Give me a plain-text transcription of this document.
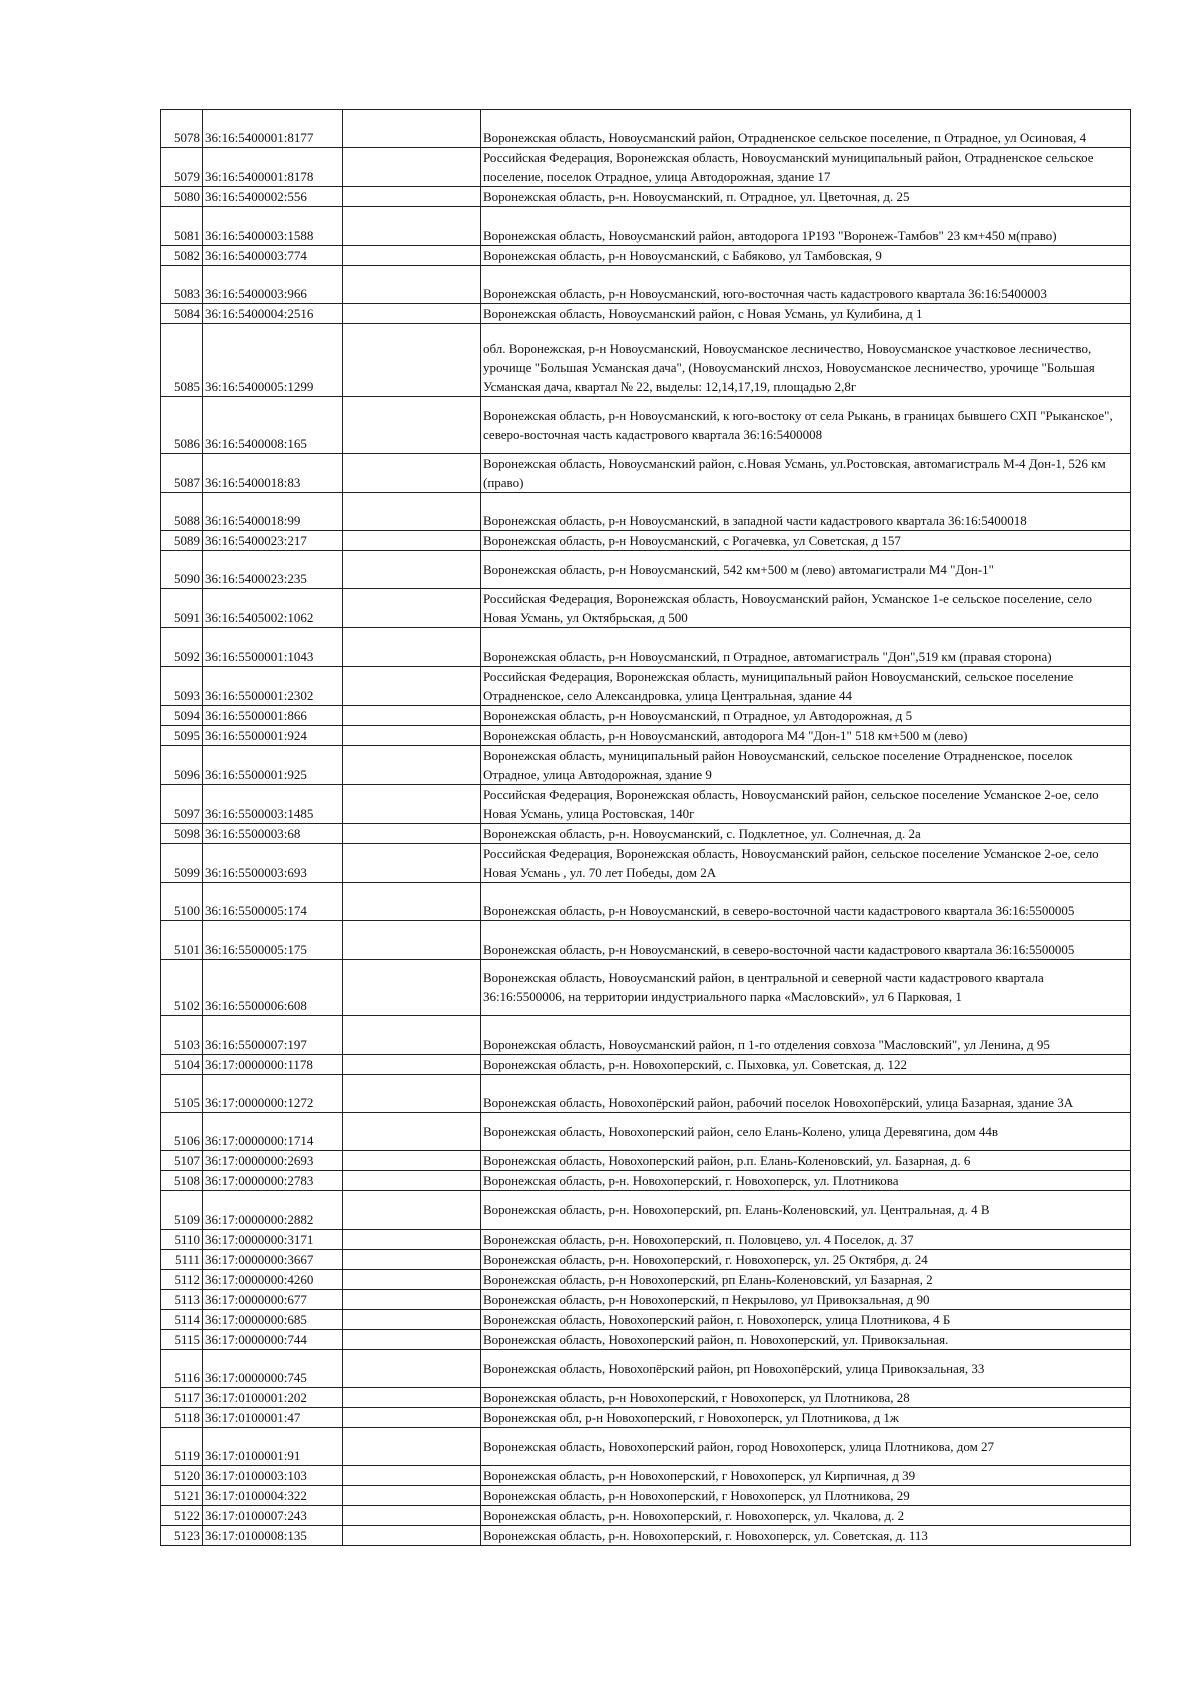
5078	36:16:5400001:8177		Воронежская область, Новоусманский район, Отрадненское сельское поселение, п Отрадное, ул Осиновая, 4
5079	36:16:5400001:8178		Российская Федерация, Воронежская область, Новоусманский муниципальный район, Отрадненское сельское поселение, поселок Отрадное, улица Автодорожная, здание 17
5080	36:16:5400002:556		Воронежская область, р-н. Новоусманский, п. Отрадное, ул. Цветочная, д. 25
5081	36:16:5400003:1588		Воронежская область, Новоусманский район, автодорога 1Р193 "Воронеж-Тамбов" 23 км+450 м(право)
5082	36:16:5400003:774		Воронежская область, р-н Новоусманский, с Бабяково, ул Тамбовская, 9
5083	36:16:5400003:966		Воронежская область, р-н Новоусманский, юго-восточная часть кадастрового квартала 36:16:5400003
5084	36:16:5400004:2516		Воронежская область, Новоусманский район, с Новая Усмань, ул Кулибина, д 1
5085	36:16:5400005:1299		обл. Воронежская, р-н Новоусманский, Новоусманское лесничество, Новоусманское участковое лесничество, урочище "Большая Усманская дача", (Новоусманский лнсхоз, Новоусманское лесничество, урочище "Большая Усманская дача, квартал № 22, выделы: 12,14,17,19, площадью 2,8г
5086	36:16:5400008:165		Воронежская область, р-н Новоусманский, к юго-востоку от села Рыкань, в границах бывшего СХП "Рыканское", северо-восточная часть кадастрового квартала 36:16:5400008
5087	36:16:5400018:83		Воронежская область, Новоусманский район, с.Новая Усмань, ул.Ростовская, автомагистраль М-4 Дон-1, 526 км (право)
5088	36:16:5400018:99		Воронежская область, р-н Новоусманский, в западной части кадастрового квартала 36:16:5400018
5089	36:16:5400023:217		Воронежская область, р-н Новоусманский, с Рогачевка, ул Советская, д 157
5090	36:16:5400023:235		Воронежская область, р-н Новоусманский, 542 км+500 м (лево) автомагистрали М4 "Дон-1"
5091	36:16:5405002:1062		Российская Федерация, Воронежская область, Новоусманский район, Усманское 1-е сельское поселение, село Новая Усмань, ул Октябрьская, д 500
5092	36:16:5500001:1043		Воронежская область, р-н Новоусманский, п Отрадное, автомагистраль "Дон",519 км (правая сторона)
5093	36:16:5500001:2302		Российская Федерация, Воронежская область, муниципальный район Новоусманский, сельское поселение Отрадненское, село Александровка, улица Центральная, здание 44
5094	36:16:5500001:866		Воронежская область, р-н Новоусманский, п Отрадное, ул Автодорожная, д 5
5095	36:16:5500001:924		Воронежская область, р-н Новоусманский, автодорога М4 "Дон-1" 518 км+500 м (лево)
5096	36:16:5500001:925		Воронежская область, муниципальный район Новоусманский, сельское поселение Отрадненское, поселок Отрадное, улица Автодорожная, здание 9
5097	36:16:5500003:1485		Российская Федерация, Воронежская область, Новоусманский район, сельское поселение Усманское 2-ое, село Новая Усмань, улица Ростовская, 140г
5098	36:16:5500003:68		Воронежская область, р-н. Новоусманский, с. Подклетное, ул. Солнечная, д. 2а
5099	36:16:5500003:693		Российская Федерация, Воронежская область, Новоусманский район, сельское поселение Усманское 2-ое, село Новая Усмань , ул. 70 лет Победы, дом 2А
5100	36:16:5500005:174		Воронежская область, р-н Новоусманский, в северо-восточной части кадастрового квартала 36:16:5500005
5101	36:16:5500005:175		Воронежская область, р-н Новоусманский, в северо-восточной части кадастрового квартала 36:16:5500005
5102	36:16:5500006:608		Воронежская область, Новоусманский район, в центральной и северной части кадастрового квартала 36:16:5500006, на территории индустриального парка «Масловский», ул 6 Парковая, 1
5103	36:16:5500007:197		Воронежская область, Новоусманский район, п 1-го отделения совхоза "Масловский", ул Ленина, д 95
5104	36:17:0000000:1178		Воронежская область, р-н. Новохоперский, с. Пыховка, ул. Советская, д. 122
5105	36:17:0000000:1272		Воронежская область, Новохопёрский район, рабочий поселок Новохопёрский, улица Базарная, здание 3А
5106	36:17:0000000:1714		Воронежская область, Новохоперский район, село Елань-Колено, улица Деревягина, дом 44в
5107	36:17:0000000:2693		Воронежская область, Новохоперский район, р.п. Елань-Коленовский, ул. Базарная, д. 6
5108	36:17:0000000:2783		Воронежская область, р-н. Новохоперский, г. Новохоперск, ул. Плотникова
5109	36:17:0000000:2882		Воронежская область, р-н. Новохоперский, рп. Елань-Коленовский, ул. Центральная, д. 4 В
5110	36:17:0000000:3171		Воронежская область, р-н. Новохоперский, п. Половцево, ул. 4 Поселок, д. 37
5111	36:17:0000000:3667		Воронежская область, р-н. Новохоперский, г. Новохоперск, ул. 25 Октября, д. 24
5112	36:17:0000000:4260		Воронежская область, р-н Новохоперский, рп Елань-Коленовский, ул Базарная, 2
5113	36:17:0000000:677		Воронежская область, р-н Новохоперский, п Некрылово, ул Привокзальная, д 90
5114	36:17:0000000:685		Воронежская область, Новохоперский район, г. Новохоперск, улица Плотникова, 4 Б
5115	36:17:0000000:744		Воронежская область, Новохоперский район, п. Новохоперский, ул. Привокзальная.
5116	36:17:0000000:745		Воронежская область, Новохопёрский район, рп Новохопёрский, улица Привокзальная, 33
5117	36:17:0100001:202		Воронежская область, р-н Новохоперский, г Новохоперск, ул Плотникова, 28
5118	36:17:0100001:47		Воронежская обл, р-н Новохоперский, г Новохоперск, ул Плотникова, д 1ж
5119	36:17:0100001:91		Воронежская область, Новохоперский район, город Новохоперск, улица Плотникова, дом 27
5120	36:17:0100003:103		Воронежская область, р-н Новохоперский, г Новохоперск, ул Кирпичная, д 39
5121	36:17:0100004:322		Воронежская область, р-н Новохоперский, г Новохоперск, ул Плотникова, 29
5122	36:17:0100007:243		Воронежская область, р-н. Новохоперский, г. Новохоперск, ул. Чкалова, д. 2
5123	36:17:0100008:135		Воронежская область, р-н. Новохоперский, г. Новохоперск, ул. Советская, д. 113
